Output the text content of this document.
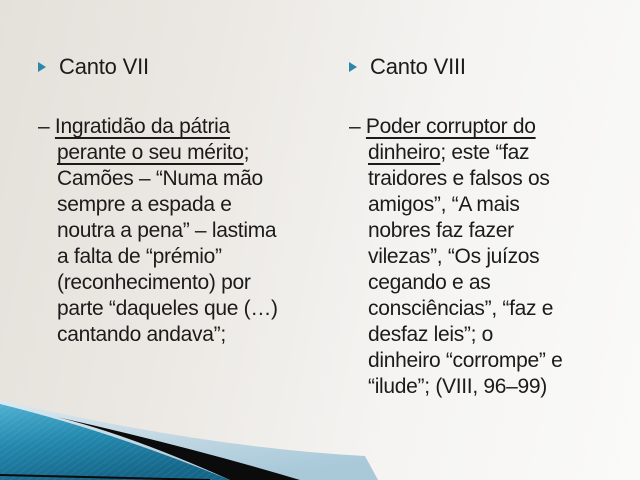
Canto VII
– Ingratidão da pátria
perante o seu mérito;
Camões – “Numa mão
sempre a espada e
noutra a pena” – lastima
a falta de “prémio”
(reconhecimento) por
parte “daqueles que (…)
cantando andava”;
Canto VIII
– Poder corruptor do
dinheiro; este “faz
traidores e falsos os
amigos”, “A mais
nobres faz fazer
vilezas”, “Os juízos
cegando e as
consciências”, “faz e
desfaz leis”; o
dinheiro “corrompe” e
“ilude”; (VIII, 96–99)
